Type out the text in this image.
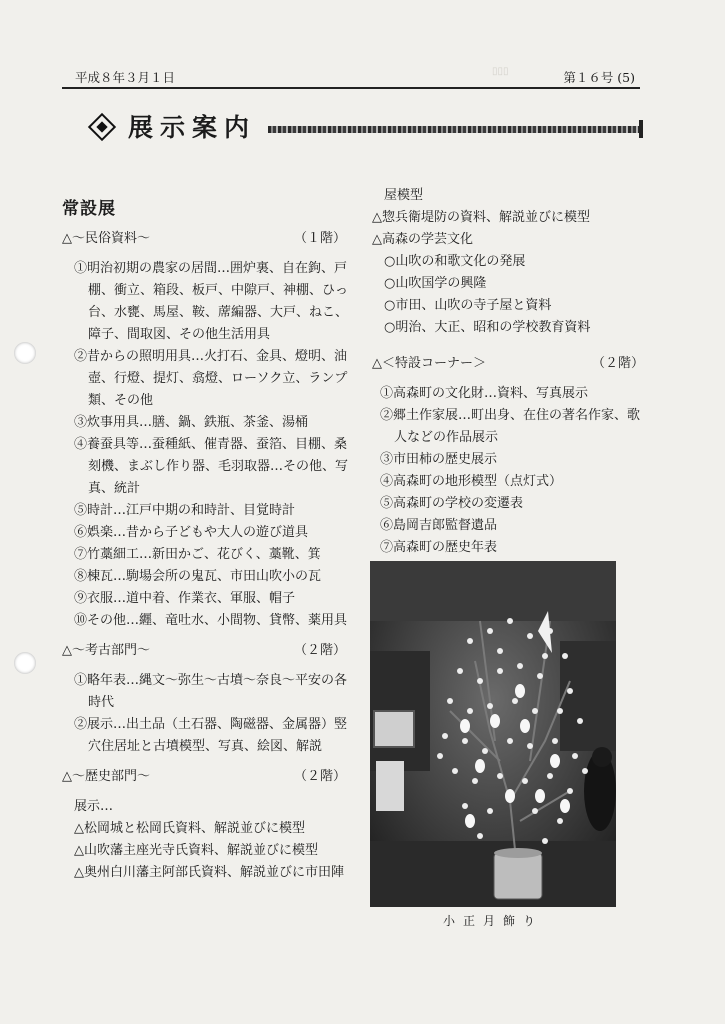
▯▯▯
平成８年３月１日	第１６号 (5)
展示案内
常設展
△～民俗資料～	（１階）
①明治初期の農家の居間…囲炉裏、自在鉤、戸棚、衝立、箱段、板戸、中隙戸、神棚、ひっ台、水甕、馬屋、鞍、蓆編器、大戸、ねこ、障子、間取図、その他生活用具
②昔からの照明用具…火打石、金具、燈明、油壺、行燈、提灯、翕燈、ローソク立、ランプ類、その他
③炊事用具…膳、鍋、鉄瓶、茶釜、湯桶
④養蚕具等…蚕種紙、催青器、蚕箔、目棚、桑刻機、まぶし作り器、毛羽取器…その他、写真、統計
⑤時計…江戸中期の和時計、目覚時計
⑥娯楽…昔から子どもや大人の遊び道具
⑦竹藁細工…新田かご、花びく、藁靴、箕
⑧棟瓦…駒場会所の鬼瓦、市田山吹小の瓦
⑨衣服…道中着、作業衣、軍服、帽子
⑩その他…纒、竜吐水、小間物、貸幣、薬用具
△～考古部門～	（２階）
①略年表…縄文～弥生～古墳～奈良～平安の各時代
②展示…出土品（土石器、陶磁器、金属器）竪穴住居址と古墳模型、写真、絵図、解説
△～歴史部門～	（２階）
展示…
△松岡城と松岡氏資料、解説並びに模型
△山吹藩主座光寺氏資料、解説並びに模型
△奥州白川藩主阿部氏資料、解説並びに市田陣
屋模型
△惣兵衛堤防の資料、解説並びに模型
△高森の学芸文化
○山吹の和歌文化の発展
○山吹国学の興隆
○市田、山吹の寺子屋と資料
○明治、大正、昭和の学校教育資料
△＜特設コーナー＞	（２階）
①高森町の文化財…資料、写真展示
②郷土作家展…町出身、在住の著名作家、歌人などの作品展示
③市田柿の歴史展示
④高森町の地形模型（点灯式）
⑤高森町の学校の変遷表
⑥島岡吉郎監督遺品
⑦高森町の歴史年表
小正月飾り
